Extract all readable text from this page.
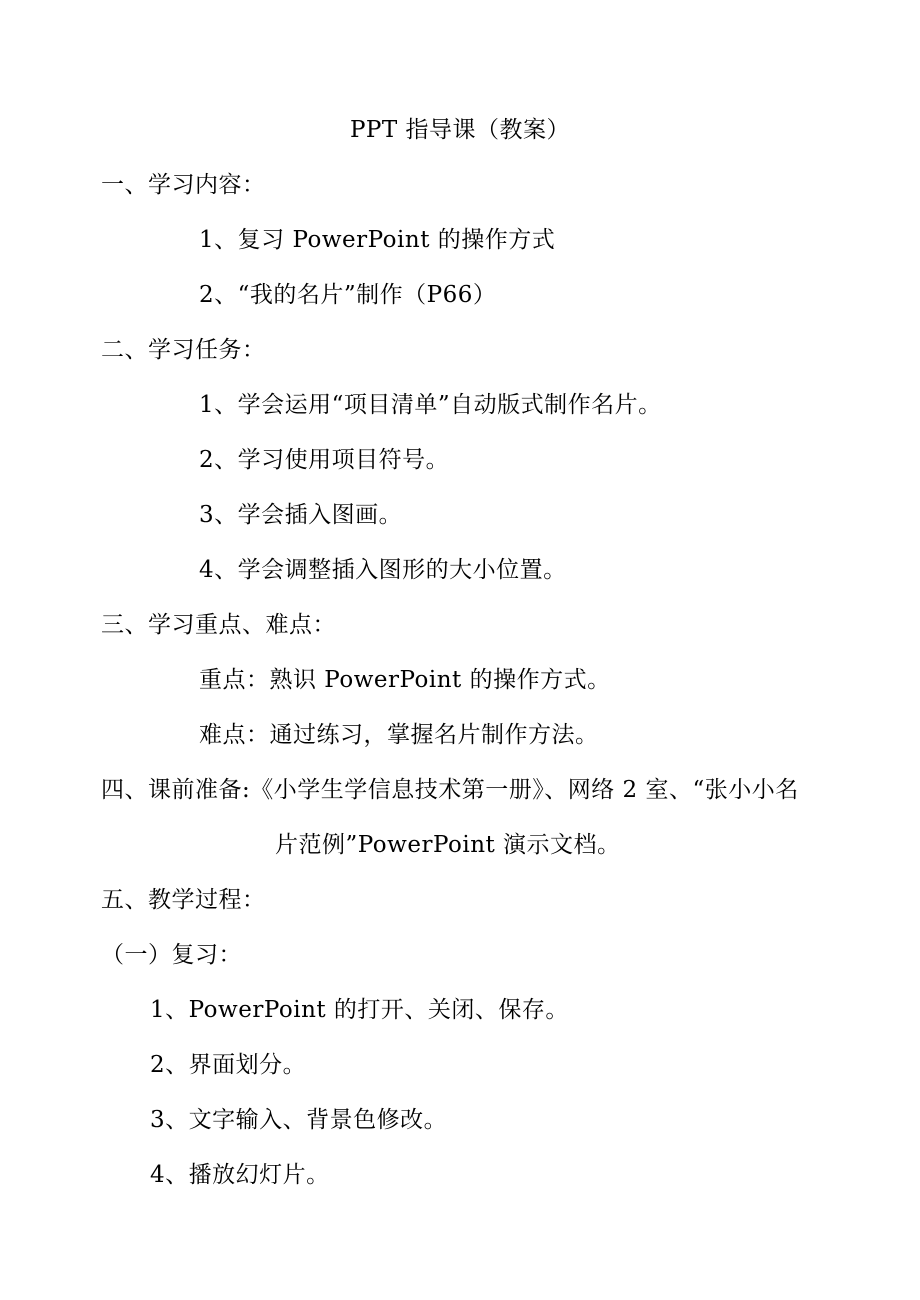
PPT 指导课（教案）
一、学习内容：
1、复习 PowerPoint 的操作方式
2、“我的名片”制作（P66）
二、学习任务：
1、学会运用“项目清单”自动版式制作名片。
2、学习使用项目符号。
3、学会插入图画。
4、学会调整插入图形的大小位置。
三、学习重点、难点：
重点：熟识 PowerPoint 的操作方式。
难点：通过练习，掌握名片制作方法。
四、课前准备:《小学生学信息技术第一册》、网络 2 室、“张小小名
片范例”PowerPoint 演示文档。
五、教学过程：
（一）复习：
1、PowerPoint 的打开、关闭、保存。
2、界面划分。
3、文字输入、背景色修改。
4、播放幻灯片。
